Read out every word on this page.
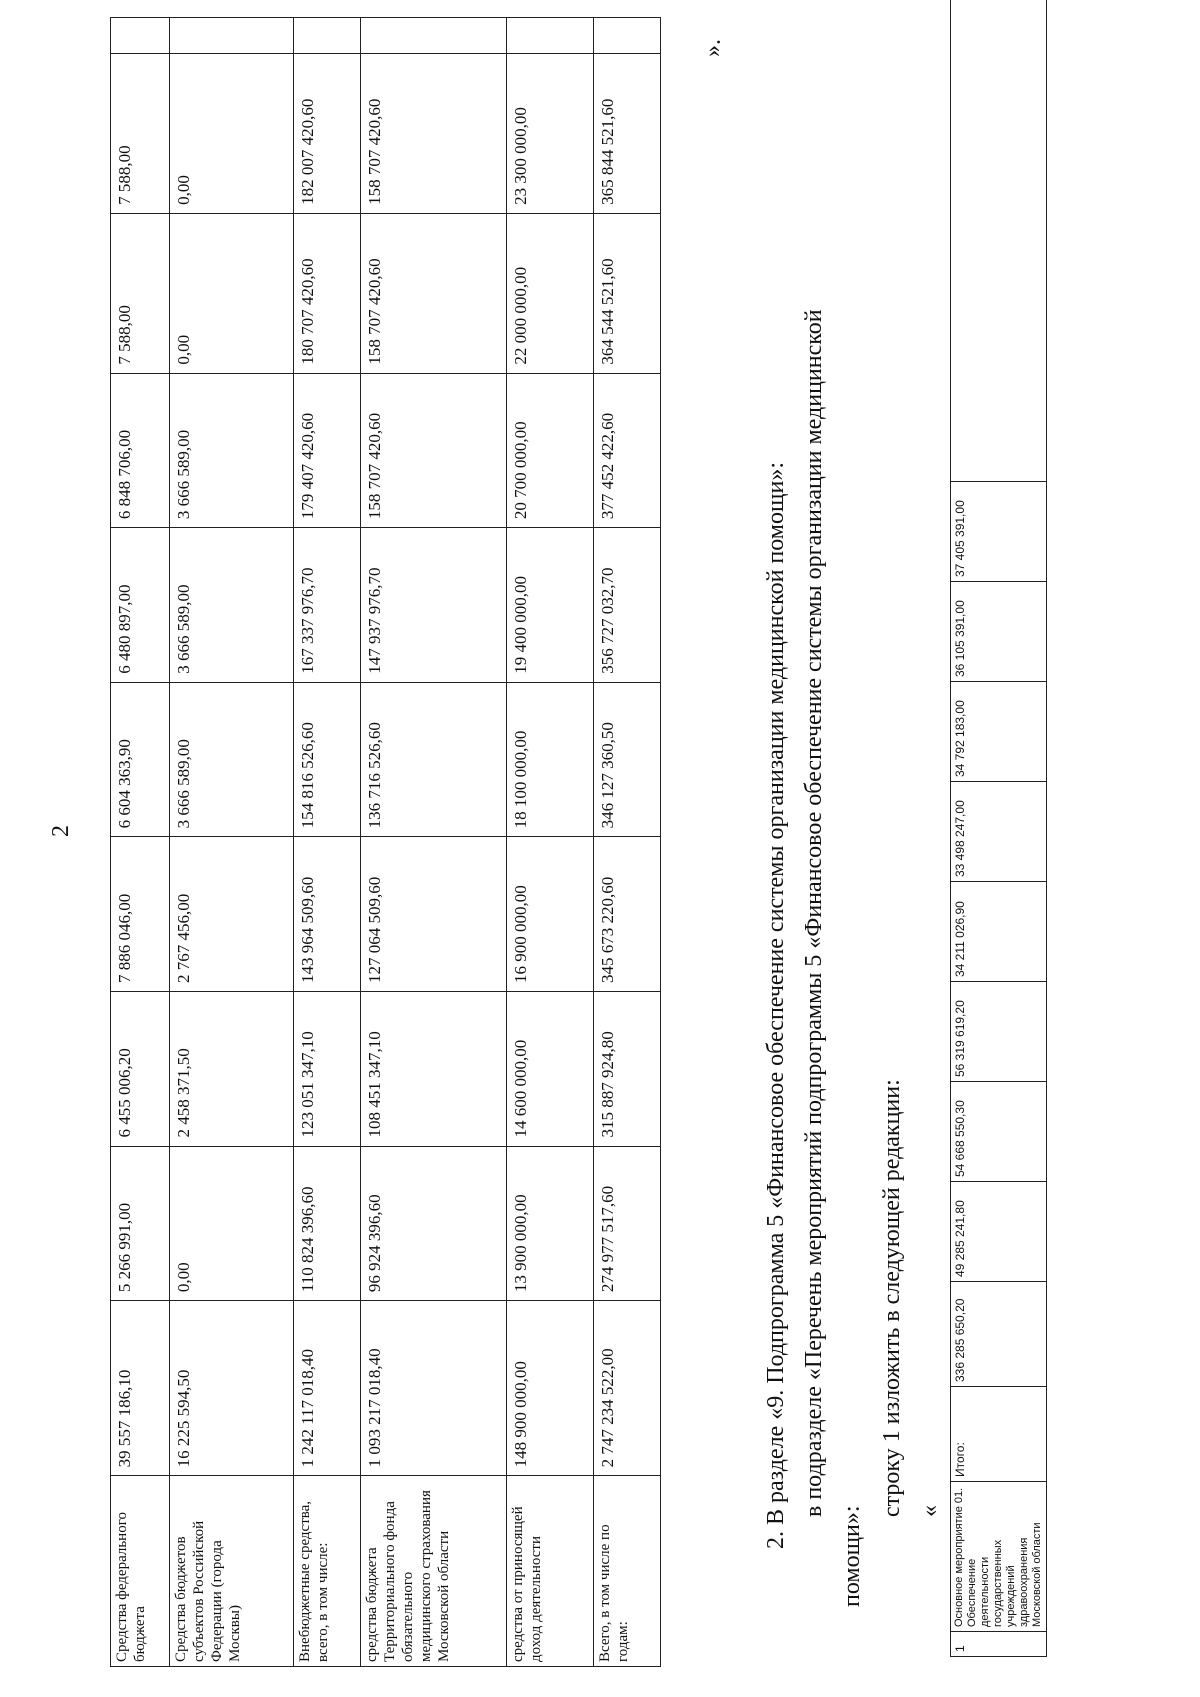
2
Средства федерального бюджета	39 557 186,10	5 266 991,00	6 455 006,20	7 886 046,00	6 604 363,90	6 480 897,00	6 848 706,00	7 588,00	7 588,00	
Средства бюджетов субъектов Российской Федерации (города Москвы)	16 225 594,50	0,00	2 458 371,50	2 767 456,00	3 666 589,00	3 666 589,00	3 666 589,00	0,00	0,00	
Внебюджетные средства, всего, в том числе:	1 242 117 018,40	110 824 396,60	123 051 347,10	143 964 509,60	154 816 526,60	167 337 976,70	179 407 420,60	180 707 420,60	182 007 420,60	
средства бюджета Территориального фонда обязательного медицинского страхования Московской области	1 093 217 018,40	96 924 396,60	108 451 347,10	127 064 509,60	136 716 526,60	147 937 976,70	158 707 420,60	158 707 420,60	158 707 420,60	
средства от приносящей доход деятельности	148 900 000,00	13 900 000,00	14 600 000,00	16 900 000,00	18 100 000,00	19 400 000,00	20 700 000,00	22 000 000,00	23 300 000,00	
Всего, в том числе по годам:	2 747 234 522,00	274 977 517,60	315 887 924,80	345 673 220,60	346 127 360,50	356 727 032,70	377 452 422,60	364 544 521,60	365 844 521,60	
».
2. В разделе «9. Подпрограмма 5 «Финансовое обеспечение системы организации медицинской помощи»: в подразделе «Перечень мероприятий подпрограммы 5 «Финансовое обеспечение системы организации медицинской
помощи»:
строку 1 изложить в следующей редакции: «
1	Основное мероприятие 01. Обеспечение деятельности государственных учреждений здравоохранения Московской области	Итого:	336 285 650,20	49 285 241,80	54 668 550,30	56 319 619,20	34 211 026,90	33 498 247,00	34 792 183,00	36 105 391,00	37 405 391,00	
